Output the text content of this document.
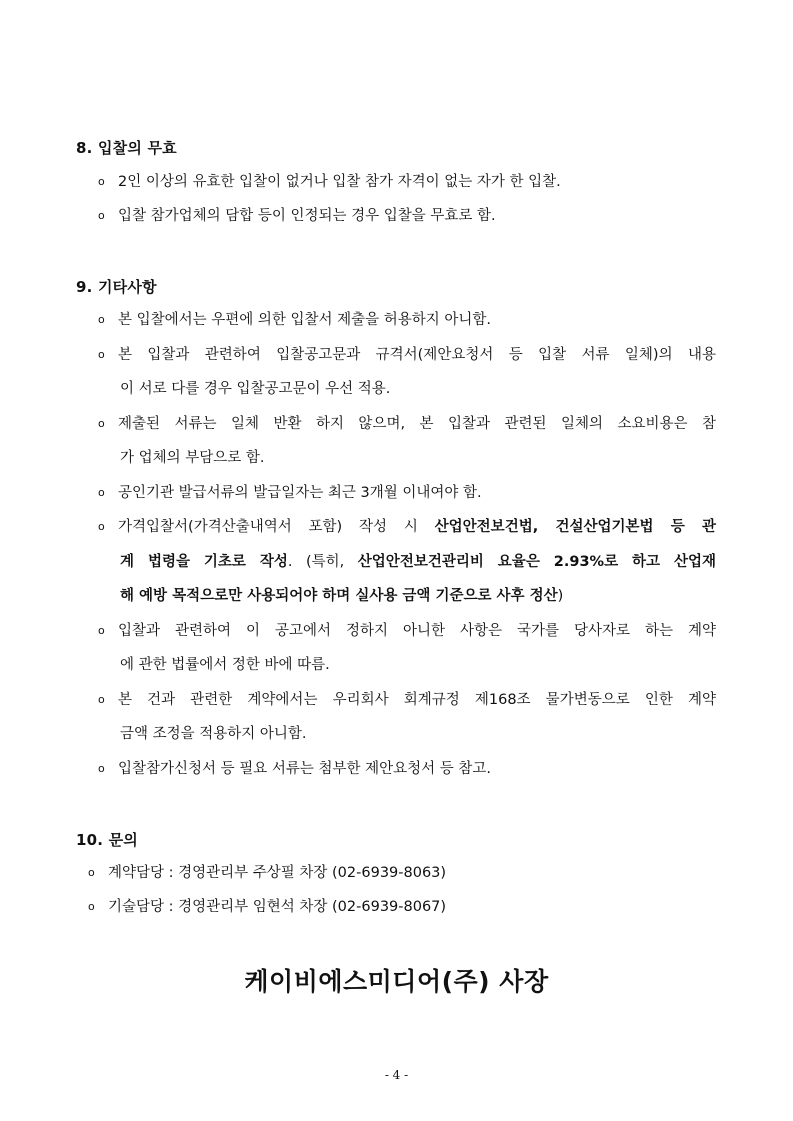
8. 입찰의 무효
o 2인 이상의 유효한 입찰이 없거나 입찰 참가 자격이 없는 자가 한 입찰.
o 입찰 참가업체의 담합 등이 인정되는 경우 입찰을 무효로 함.
9. 기타사항
o 본 입찰에서는 우편에 의한 입찰서 제출을 허용하지 아니함.
o 본 입찰과 관련하여 입찰공고문과 규격서(제안요청서 등 입찰 서류 일체)의 내용
이 서로 다를 경우 입찰공고문이 우선 적용.
o 제출된 서류는 일체 반환 하지 않으며, 본 입찰과 관련된 일체의 소요비용은 참
가 업체의 부담으로 함.
o 공인기관 발급서류의 발급일자는 최근 3개월 이내여야 함.
o 가격입찰서(가격산출내역서 포함) 작성 시 산업안전보건법, 건설산업기본법 등 관
계 법령을 기초로 작성. (특히, 산업안전보건관리비 요율은 2.93%로 하고 산업재
해 예방 목적으로만 사용되어야 하며 실사용 금액 기준으로 사후 정산)
o 입찰과 관련하여 이 공고에서 정하지 아니한 사항은 국가를 당사자로 하는 계약
에 관한 법률에서 정한 바에 따름.
o 본 건과 관련한 계약에서는 우리회사 회계규정 제168조 물가변동으로 인한 계약
금액 조정을 적용하지 아니함.
o 입찰참가신청서 등 필요 서류는 첨부한 제안요청서 등 참고.
10. 문의
o 계약담당 : 경영관리부 주상필 차장 (02-6939-8063)
o 기술담당 : 경영관리부 임현석 차장 (02-6939-8067)
케이비에스미디어(주) 사장
- 4 -
